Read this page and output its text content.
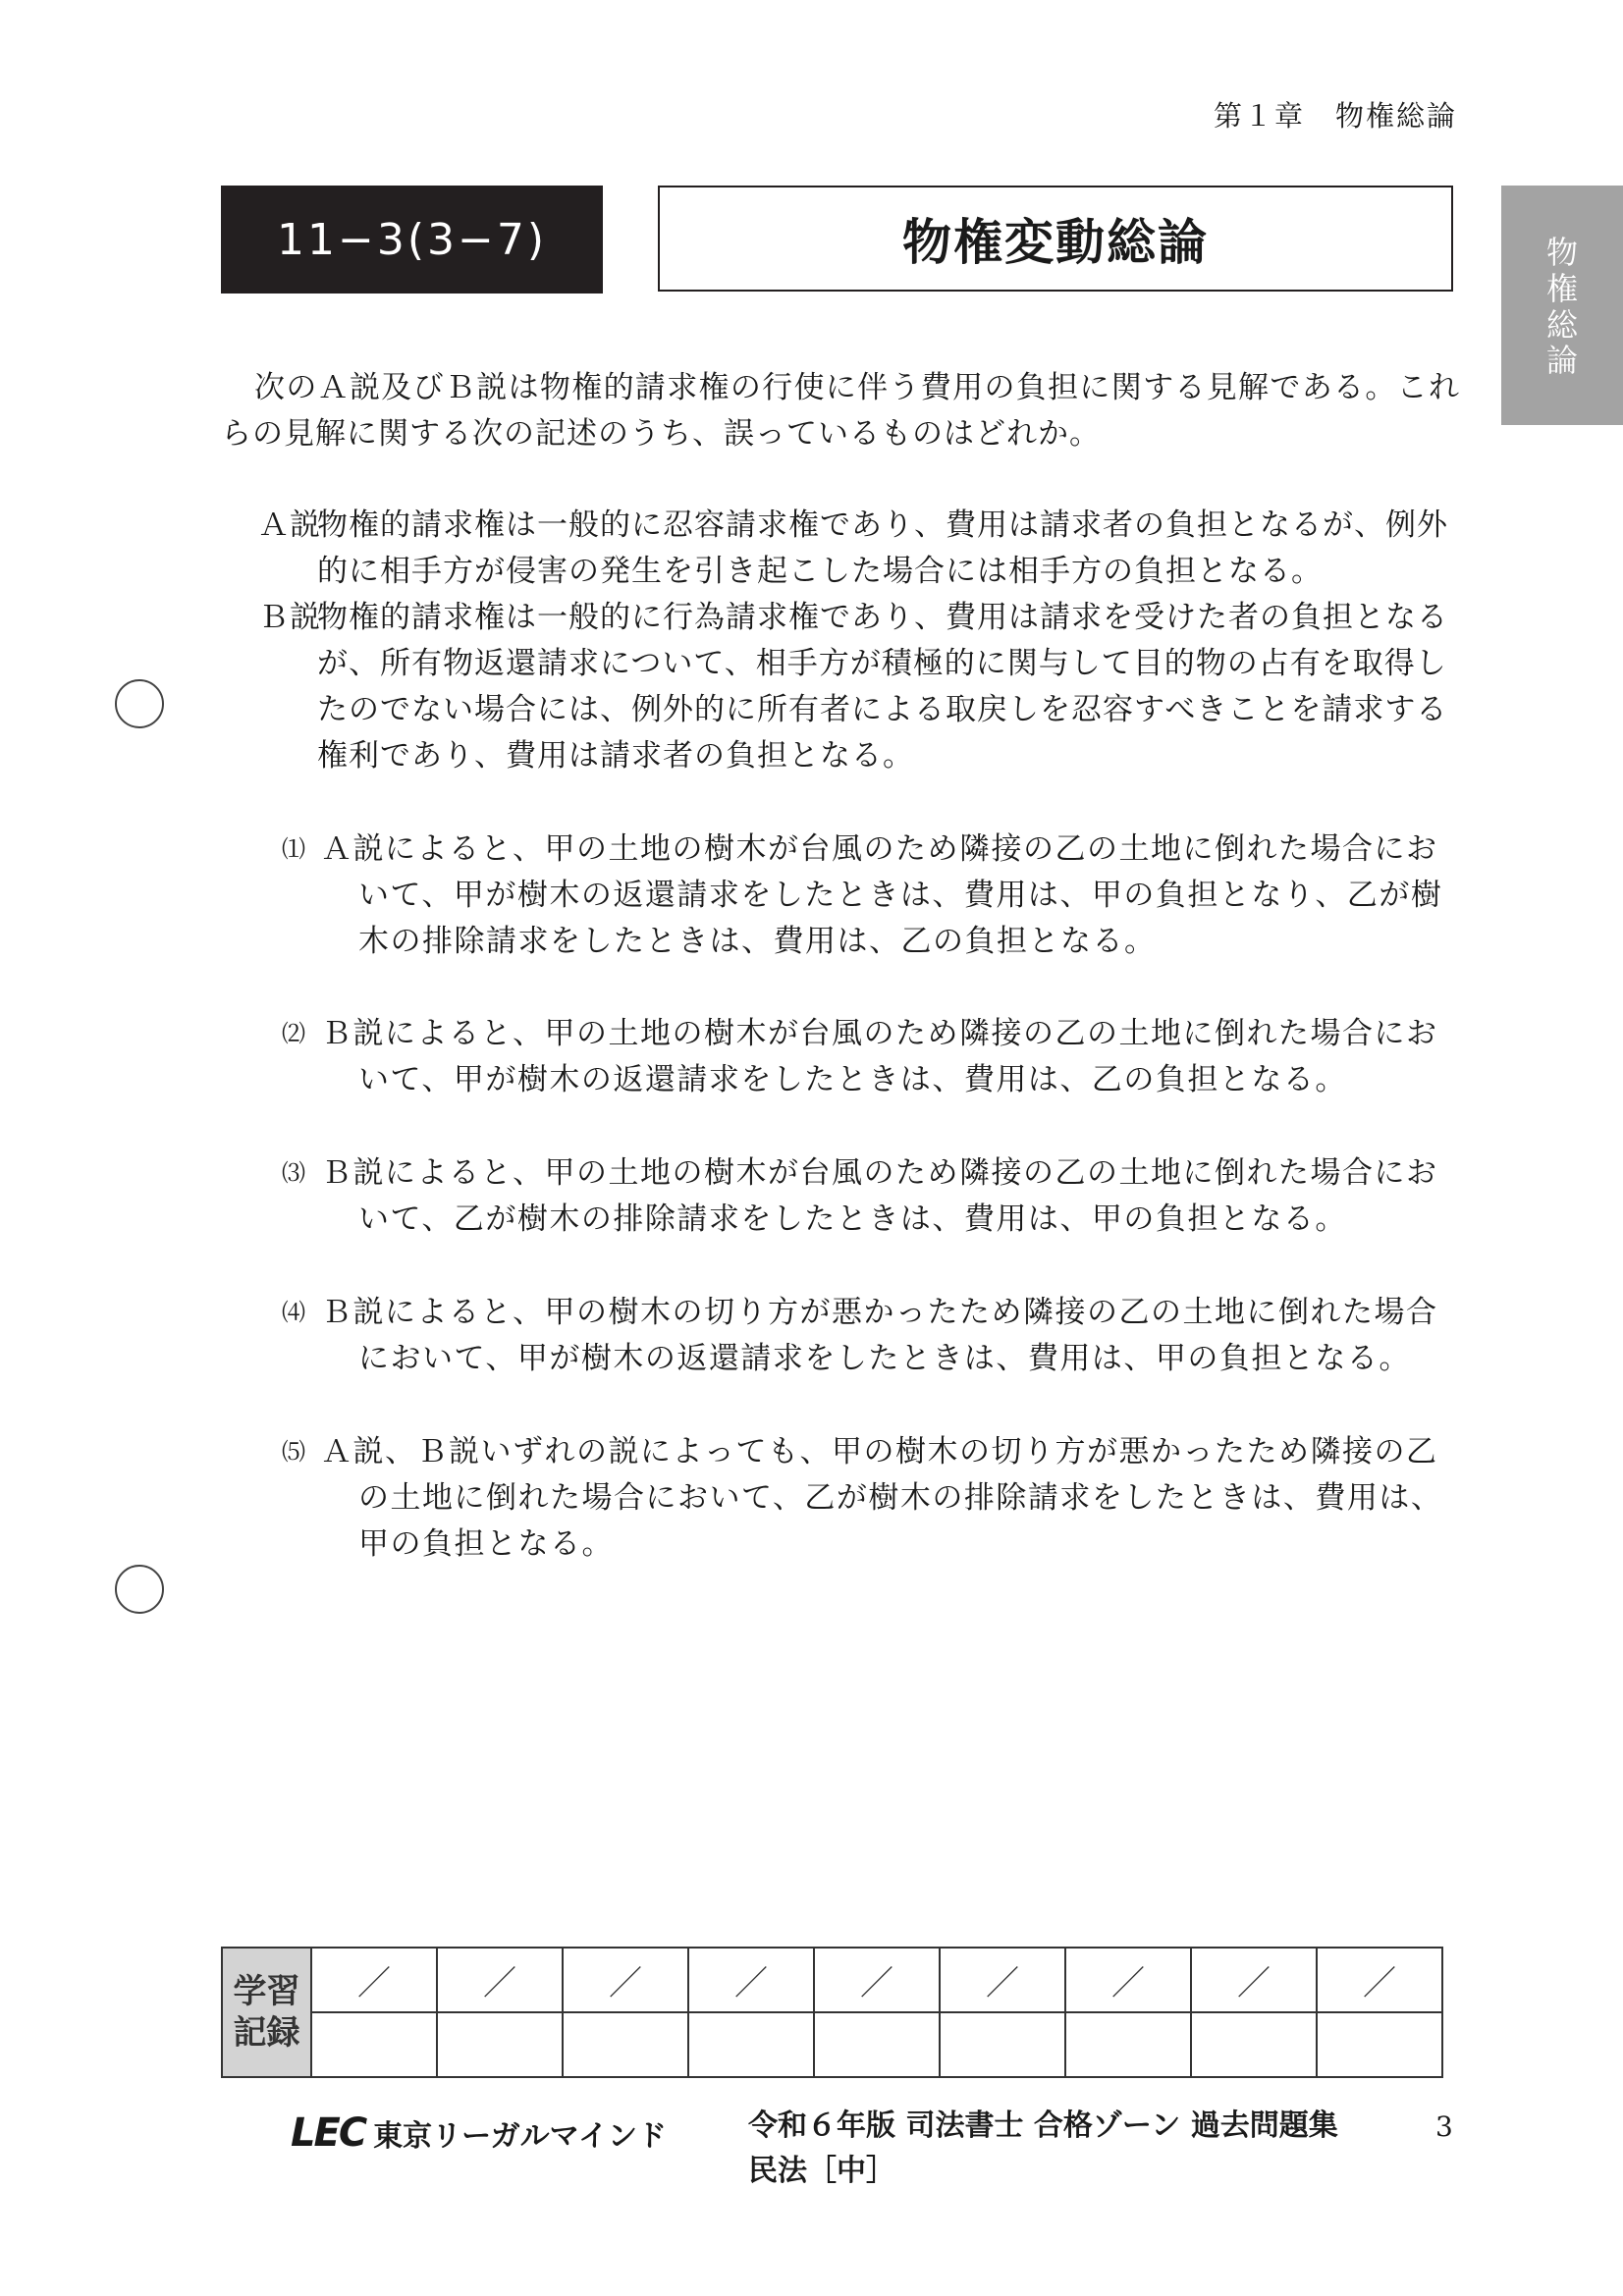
第１章　物権総論
11−3(3−7)	物権変動総論	物
権
総
論
次のＡ説及びＢ説は物権的請求権の行使に伴う費用の負担に関する見解である。これらの見解に関する次の記述のうち、誤っているものはどれか。
Ａ説
物権的請求権は一般的に忍容請求権であり、費用は請求者の負担となるが、例外的に相手方が侵害の発生を引き起こした場合には相手方の負担となる。
Ｂ説
物権的請求権は一般的に行為請求権であり、費用は請求を受けた者の負担となるが、所有物返還請求について、相手方が積極的に関与して目的物の占有を取得したのでない場合には、例外的に所有者による取戻しを忍容すべきことを請求する権利であり、費用は請求者の負担となる。
⑴ Ａ説によると、甲の土地の樹木が台風のため隣接の乙の土地に倒れた場合において、甲が樹木の返還請求をしたときは、費用は、甲の負担となり、乙が樹木の排除請求をしたときは、費用は、乙の負担となる。
⑵ Ｂ説によると、甲の土地の樹木が台風のため隣接の乙の土地に倒れた場合において、甲が樹木の返還請求をしたときは、費用は、乙の負担となる。
⑶ Ｂ説によると、甲の土地の樹木が台風のため隣接の乙の土地に倒れた場合において、乙が樹木の排除請求をしたときは、費用は、甲の負担となる。
⑷ Ｂ説によると、甲の樹木の切り方が悪かったため隣接の乙の土地に倒れた場合において、甲が樹木の返還請求をしたときは、費用は、甲の負担となる。
⑸ Ａ説、Ｂ説いずれの説によっても、甲の樹木の切り方が悪かったため隣接の乙の土地に倒れた場合において、乙が樹木の排除請求をしたときは、費用は、甲の負担となる。
学習
記録	／	／	／	／	／	／	／	／	／

LEC 東京リーガルマインド	令和６年版 司法書士 合格ゾーン 過去問題集
民法［中］
3
